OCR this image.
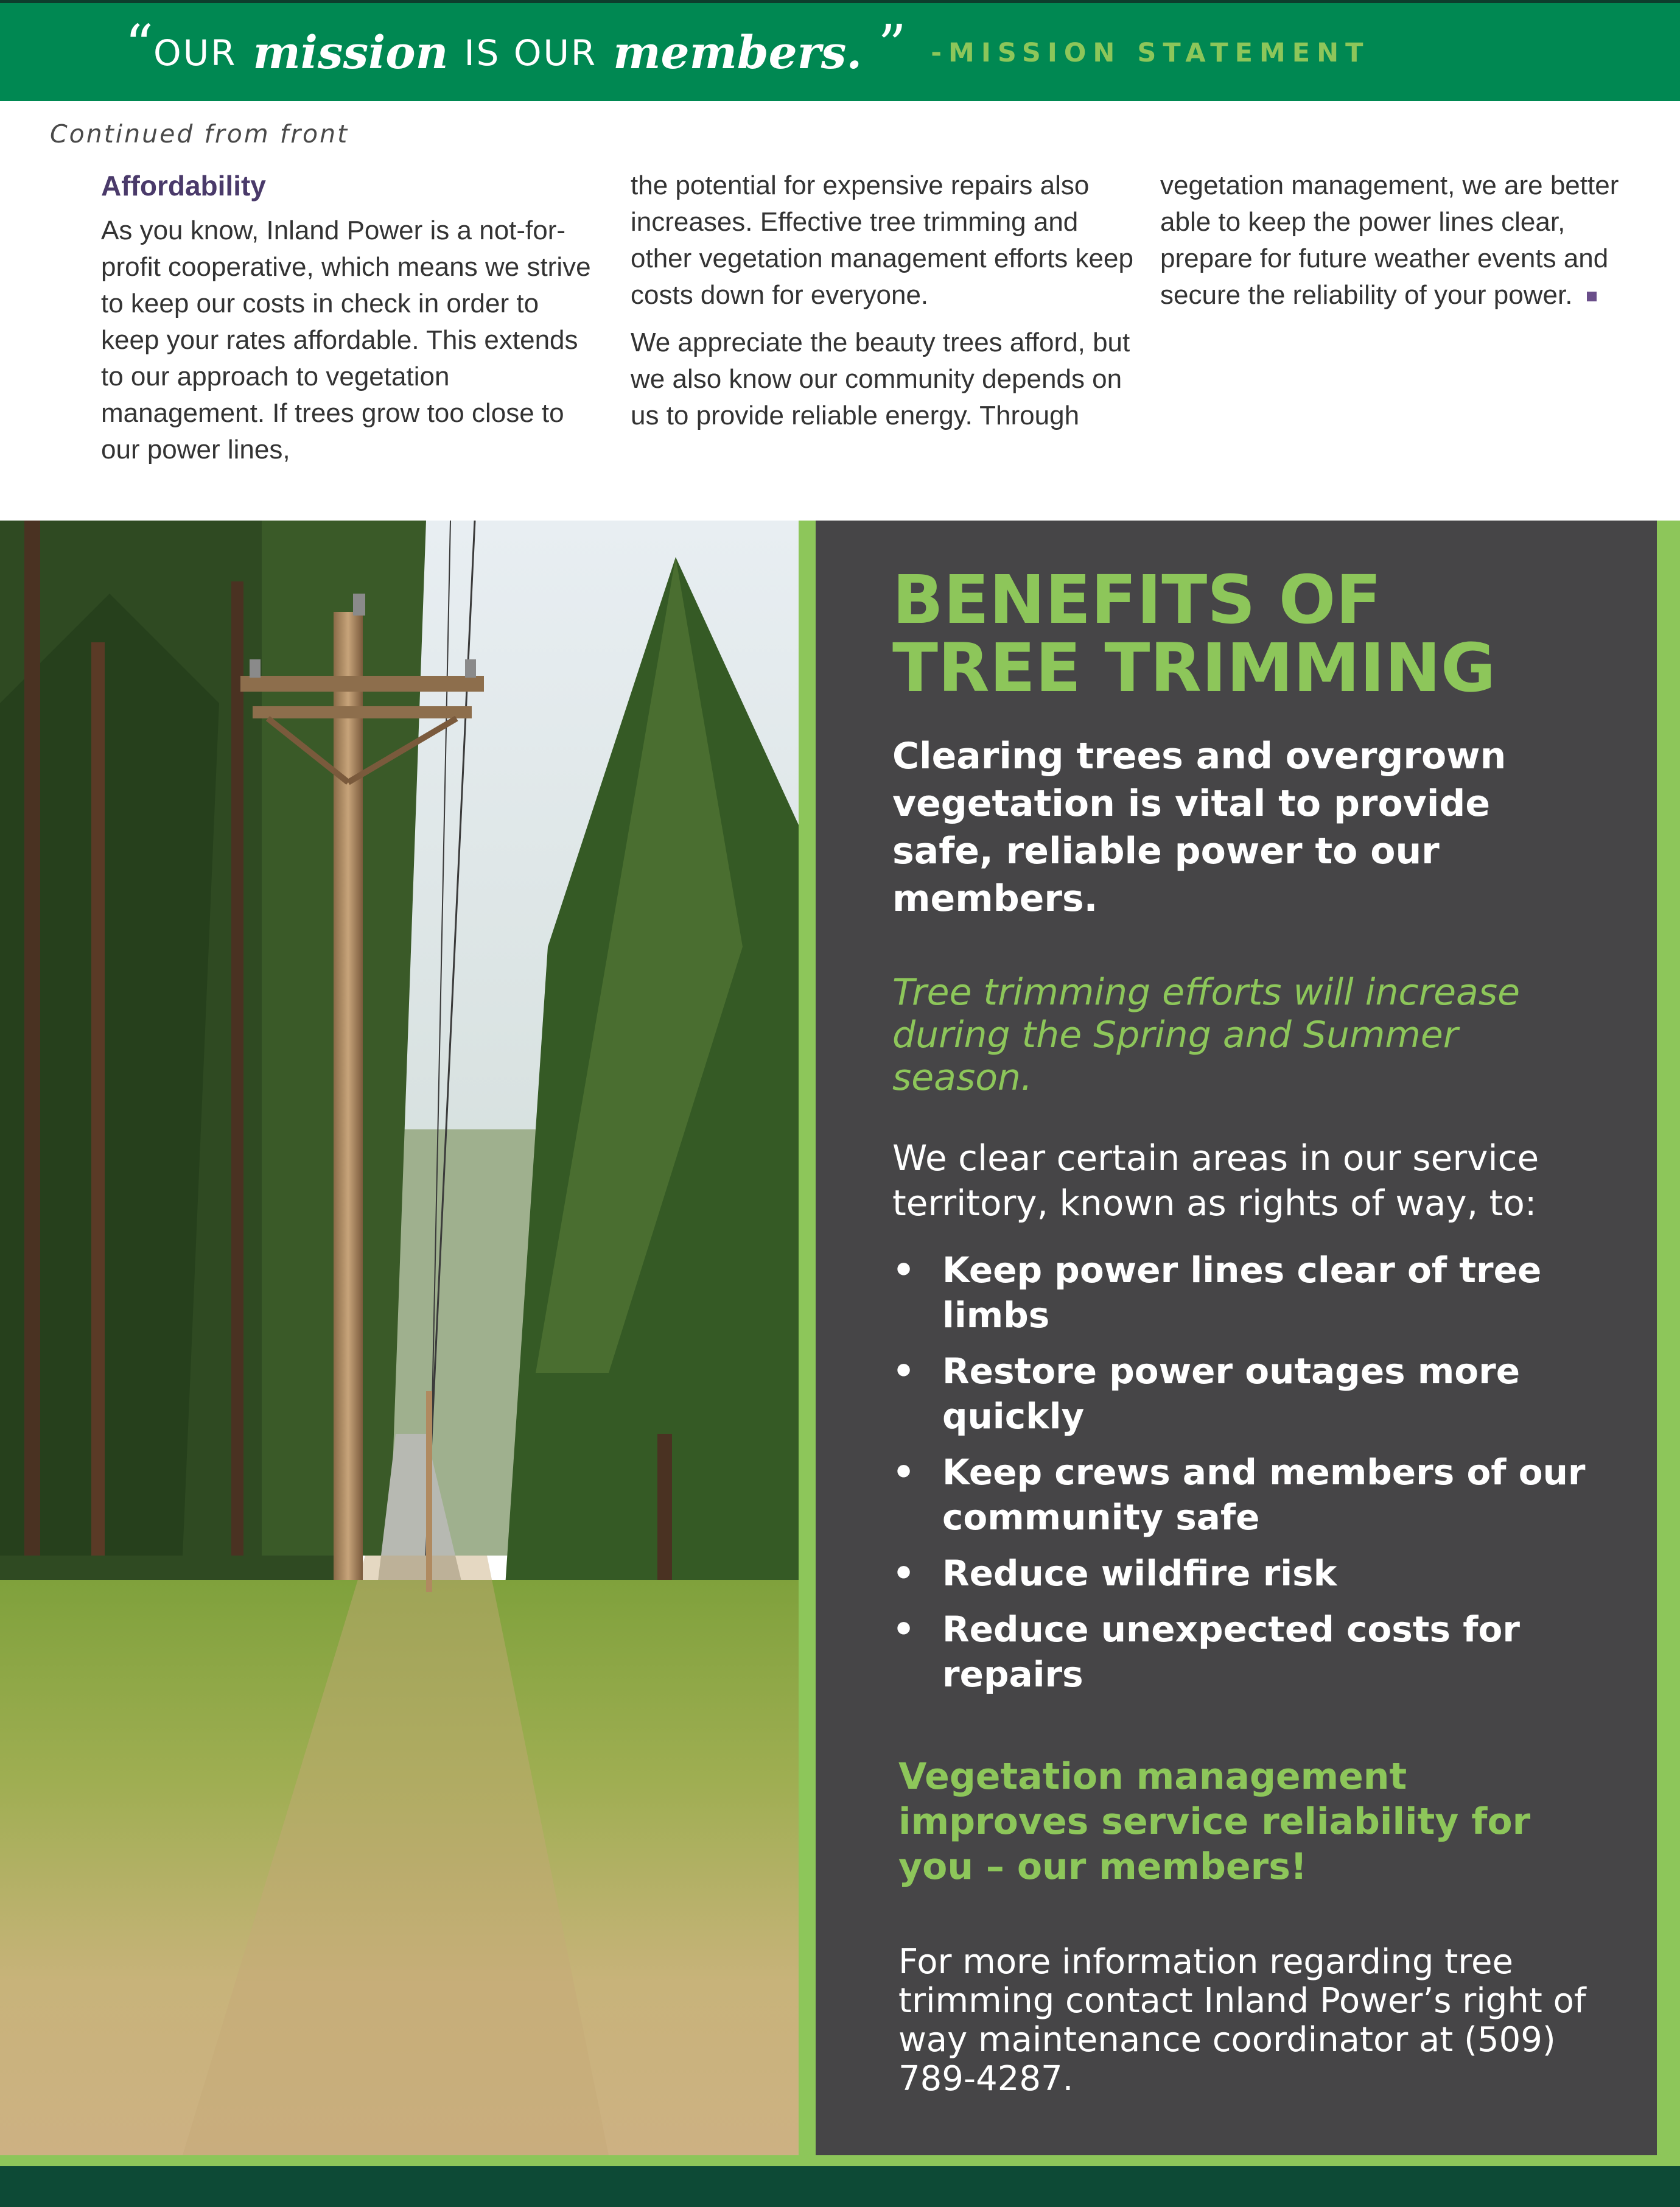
“ OUR mission IS OUR members. ” -MISSION STATEMENT
Continued from front
Affordability

As you know, Inland Power is a not-for-profit cooperative, which means we strive to keep our costs in check in order to keep your rates affordable. This extends to our approach to vegetation management. If trees grow too close to our power lines,

the potential for expensive repairs also increases. Effective tree trimming and other vegetation management efforts keep costs down for everyone.

We appreciate the beauty trees afford, but we also know our community depends on us to provide reliable energy. Through

vegetation management, we are better able to keep the power lines clear, prepare for future weather events and secure the reliability of your power.

BENEFITS OF
TREE TRIMMING

Clearing trees and overgrown vegetation is vital to provide safe, reliable power to our members.

Tree trimming efforts will increase during the Spring and Summer season.

We clear certain areas in our service territory, known as rights of way, to:

• Keep power lines clear of tree limbs
• Restore power outages more quickly
• Keep crews and members of our community safe
• Reduce wildfire risk
• Reduce unexpected costs for repairs

Vegetation management improves service reliability for you – our members!

For more information regarding tree trimming contact Inland Power’s right of way maintenance coordinator at (509) 789-4287.
